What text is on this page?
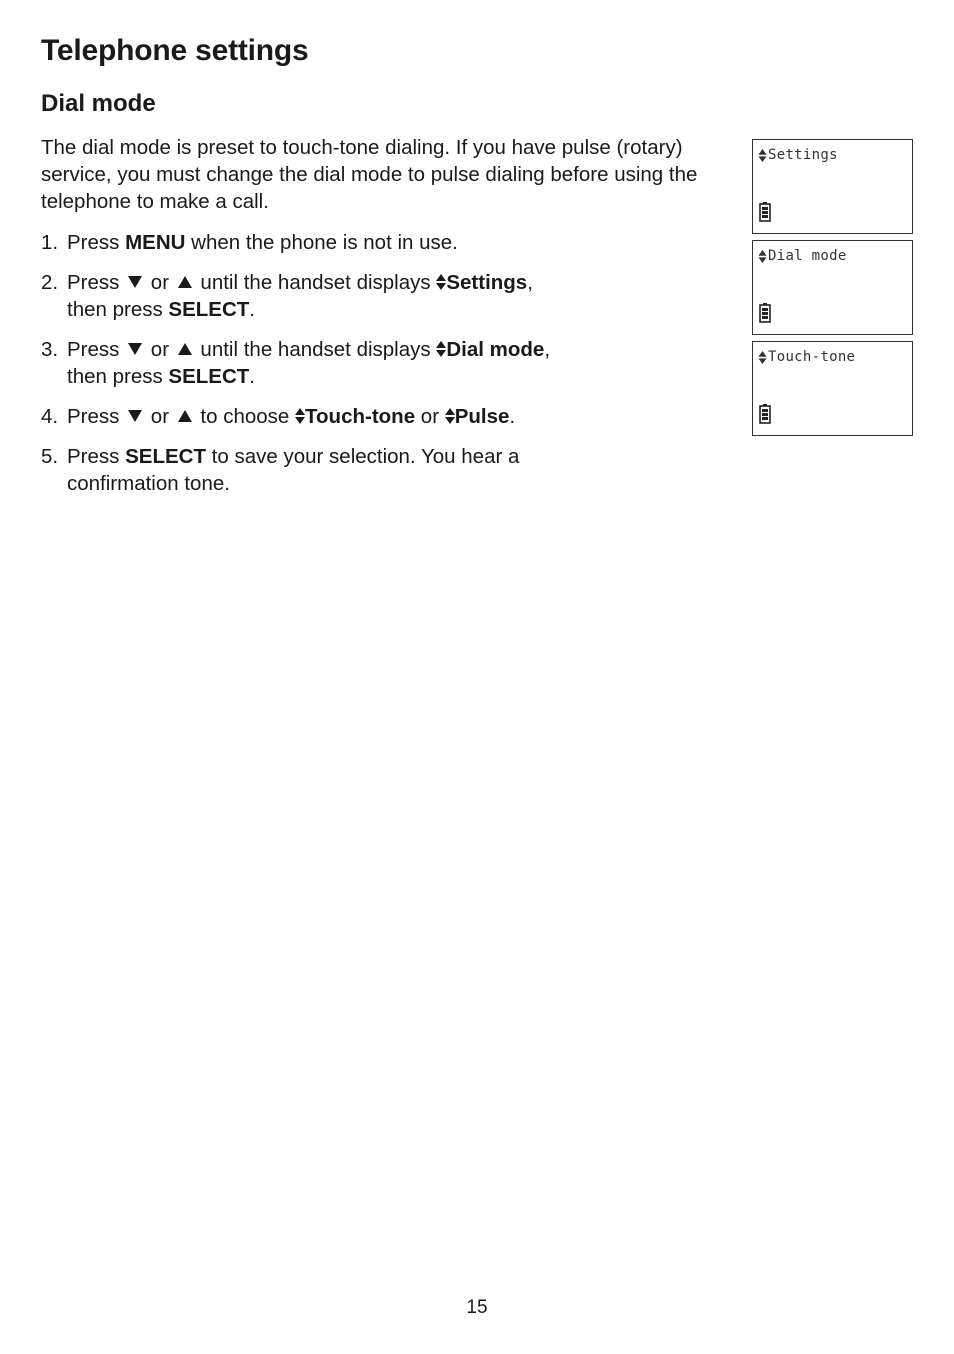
Telephone settings
Dial mode

The dial mode is preset to touch-tone dialing. If you have pulse (rotary) service, you must change the dial mode to pulse dialing before using the telephone to make a call.

1. Press MENU when the phone is not in use.
2. Press  or  until the handset displays Settings,
then press SELECT.
3. Press  or  until the handset displays Dial mode,
then press SELECT.
4. Press  or  to choose Touch-tone or Pulse.
5. Press SELECT to save your selection. You hear a confirmation tone.
Settings
Dial mode
Touch-tone
15
